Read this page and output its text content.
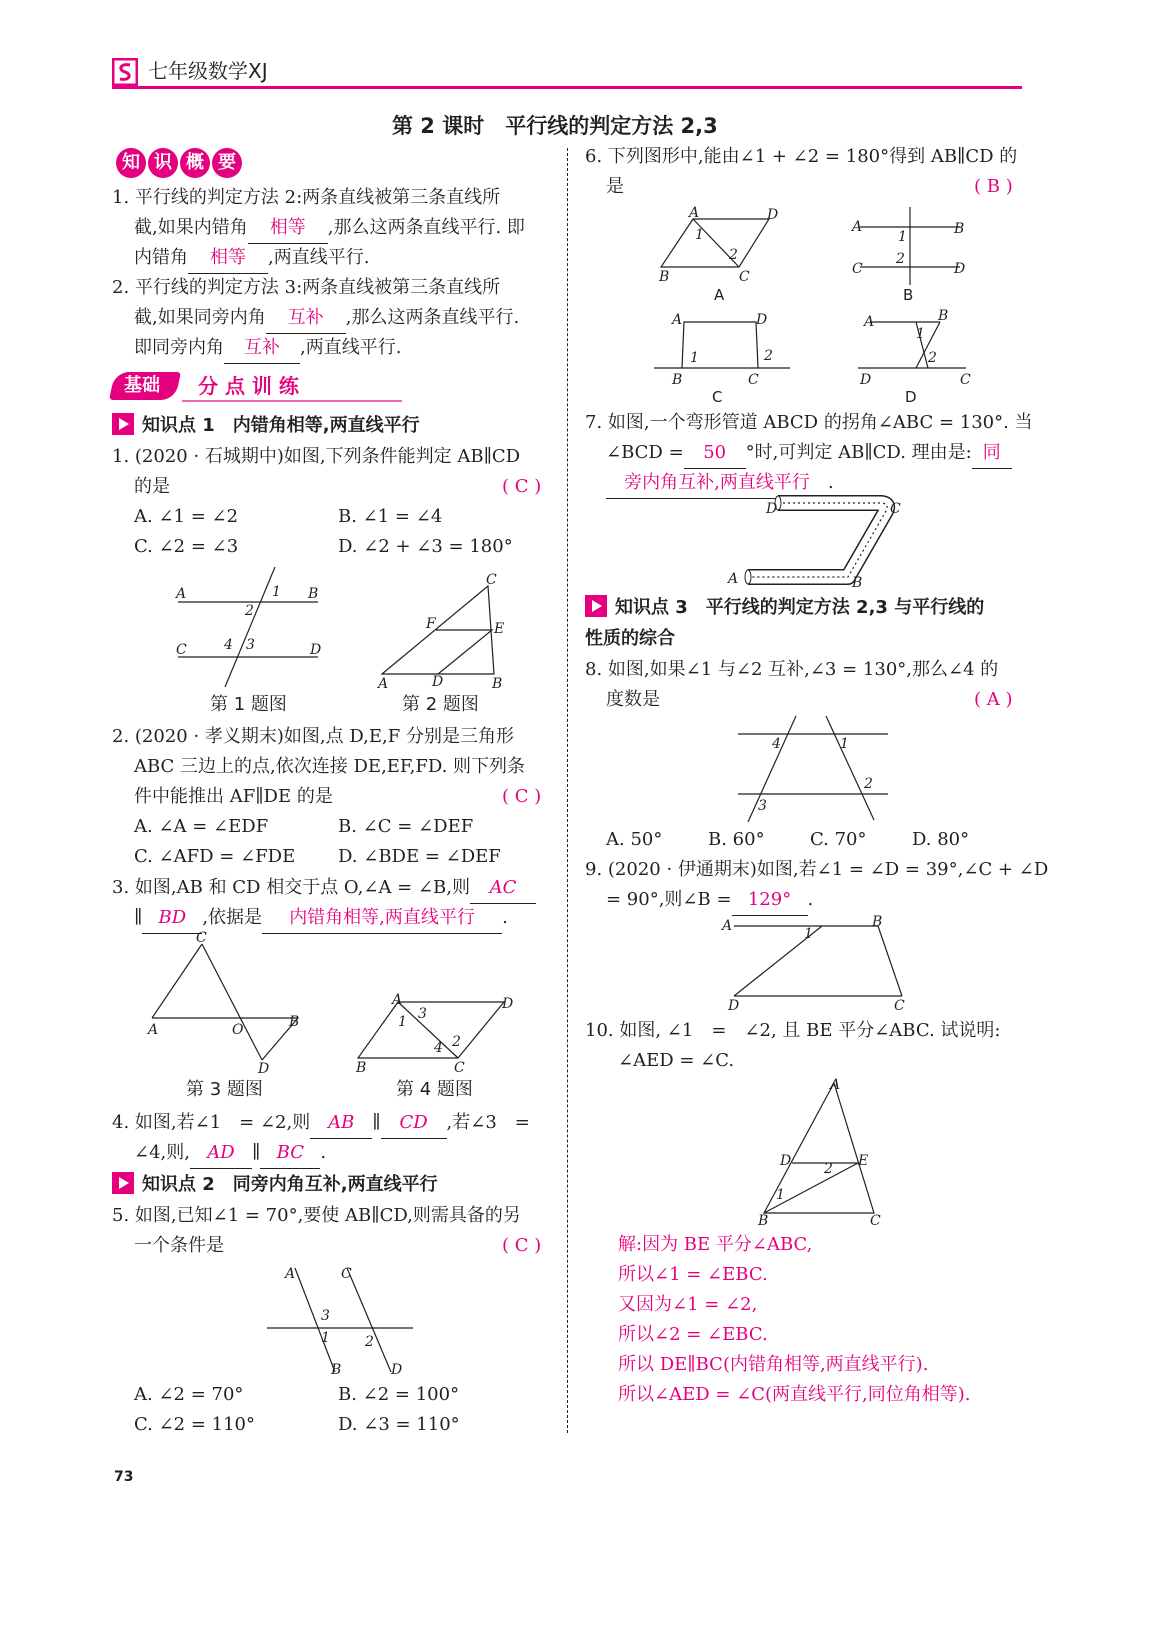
七年级数学XJ
第 2 课时　平行线的判定方法 2,3
知 识 概 要
1. 平行线的判定方法 2:两条直线被第三条直线所
截,如果内错角 相等 ,那么这两条直线平行. 即
内错角 相等 ,两直线平行.
2. 平行线的判定方法 3:两条直线被第三条直线所
截,如果同旁内角 互补 ,那么这两条直线平行.
即同旁内角 互补 ,两直线平行.
基础 分 点 训 练
知识点 1　内错角相等,两直线平行
1. (2020 · 石城期中)如图,下列条件能判定 AB∥CD
的是	( C )
A. ∠1 = ∠2	B. ∠1 = ∠4
C. ∠2 = ∠3	D. ∠2 + ∠3 = 180°
A	B
C	D
1
2
4 3
第 1 题图
A
C
B
F	E
D
第 2 题图
2. (2020 · 孝义期末)如图,点 D,E,F 分别是三角形
ABC 三边上的点,依次连接 DE,EF,FD. 则下列条
件中能推出 AF∥DE 的是	( C )
A. ∠A = ∠EDF	B. ∠C = ∠DEF
C. ∠AFD = ∠FDE D. ∠BDE = ∠DEF
3. 如图,AB 和 CD 相交于点 O,∠A = ∠B,则 AC
∥ BD ,依据是 内错角相等,两直线平行 .
A
C
O	B
D
第 3 题图
A	D
B	C
1 3
4 2
第 4 题图
4. 如图,若∠1　= ∠2,则 AB ∥ CD ,若∠3　=
∠4,则, AD ∥ BC .
知识点 2　同旁内角互补,两直线平行
5. 如图,已知∠1 = 70°,要使 AB∥CD,则需具备的另
一个条件是	( C )
A	C
B	D
3
1	2
A. ∠2 = 70°	B. ∠2 = 100°
C. ∠2 = 110°	D. ∠3 = 110°
73
6. 下列图形中,能由∠1 + ∠2 = 180°得到 AB∥CD 的
是	( B )
A	D
B	C
1
2
A
A	B
C	D
1
2
B
A	D
B	C
1	2
C
A	B
D	C
1
2
D
7. 如图,一个弯形管道 ABCD 的拐角∠ABC = 130°. 当
∠BCD = 50 °时,可判定 AB∥CD. 理由是: 同
旁内角互补,两直线平行 .
D	C
A	B
知识点 3　平行线的判定方法 2,3 与平行线的
性质的综合
8. 如图,如果∠1 与∠2 互补,∠3 = 130°,那么∠4 的
度数是	( A )
4	1
2
3
A. 50°	B. 60°	C. 70°	D. 80°
9. (2020 · 伊通期末)如图,若∠1 = ∠D = 39°,∠C + ∠D
= 90°,则∠B = 129° .
A	B
D	C
1
10. 如图, ∠1　=　∠2, 且 BE 平分∠ABC. 试说明:
∠AED = ∠C.
A
D	E
B	C
2
1
解:因为 BE 平分∠ABC,
所以∠1 = ∠EBC.
又因为∠1 = ∠2,
所以∠2 = ∠EBC.
所以 DE∥BC(内错角相等,两直线平行).
所以∠AED = ∠C(两直线平行,同位角相等).
